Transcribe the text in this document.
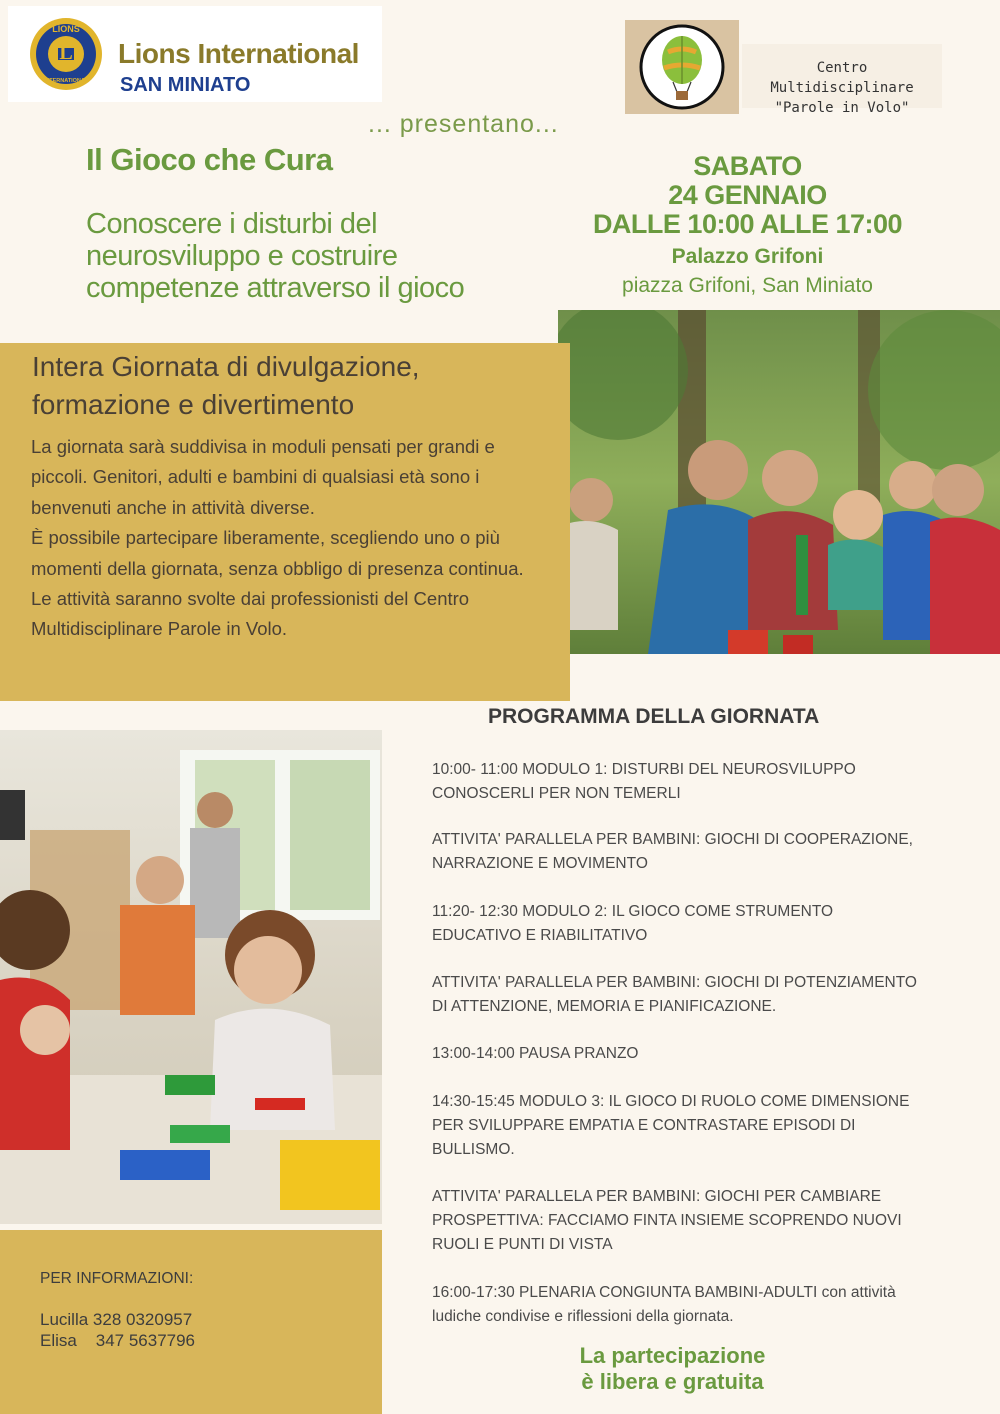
L
LIONS
INTERNATIONAL
Lions International
SAN MINIATO
Centro Multidisciplinare
"Parole in Volo"
... presentano...
Il Gioco che Cura
Conoscere i disturbi del neurosviluppo e costruire competenze attraverso il gioco
SABATO
24 GENNAIO
DALLE 10:00 ALLE 17:00
Palazzo Grifoni
piazza Grifoni, San Miniato
Intera Giornata di divulgazione,
formazione e divertimento
La giornata sarà suddivisa in moduli pensati per grandi e piccoli. Genitori, adulti e bambini di qualsiasi età sono i benvenuti anche in attività diverse.
È possibile partecipare liberamente, scegliendo uno o più momenti della giornata, senza obbligo di presenza continua.
Le attività saranno svolte dai professionisti del Centro Multidisciplinare Parole in Volo.
PER INFORMAZIONI:
Lucilla 328 0320957
Elisa    347 5637796
PROGRAMMA DELLA GIORNATA
10:00- 11:00 MODULO 1: DISTURBI DEL NEUROSVILUPPO
CONOSCERLI PER NON TEMERLI
ATTIVITA' PARALLELA PER BAMBINI: GIOCHI DI COOPERAZIONE,
NARRAZIONE E MOVIMENTO
11:20- 12:30 MODULO 2: IL GIOCO COME STRUMENTO
EDUCATIVO E RIABILITATIVO
ATTIVITA' PARALLELA PER BAMBINI: GIOCHI DI POTENZIAMENTO
DI ATTENZIONE, MEMORIA E PIANIFICAZIONE.
13:00-14:00 PAUSA PRANZO
14:30-15:45 MODULO 3: IL GIOCO DI RUOLO COME DIMENSIONE
PER SVILUPPARE EMPATIA E CONTRASTARE EPISODI DI
BULLISMO.
ATTIVITA' PARALLELA PER BAMBINI: GIOCHI PER CAMBIARE
PROSPETTIVA: FACCIAMO FINTA INSIEME SCOPRENDO NUOVI
RUOLI E PUNTI DI VISTA
16:00-17:30 PLENARIA CONGIUNTA BAMBINI-ADULTI con attività
ludiche condivise e riflessioni della giornata.
La partecipazione
è libera e gratuita
